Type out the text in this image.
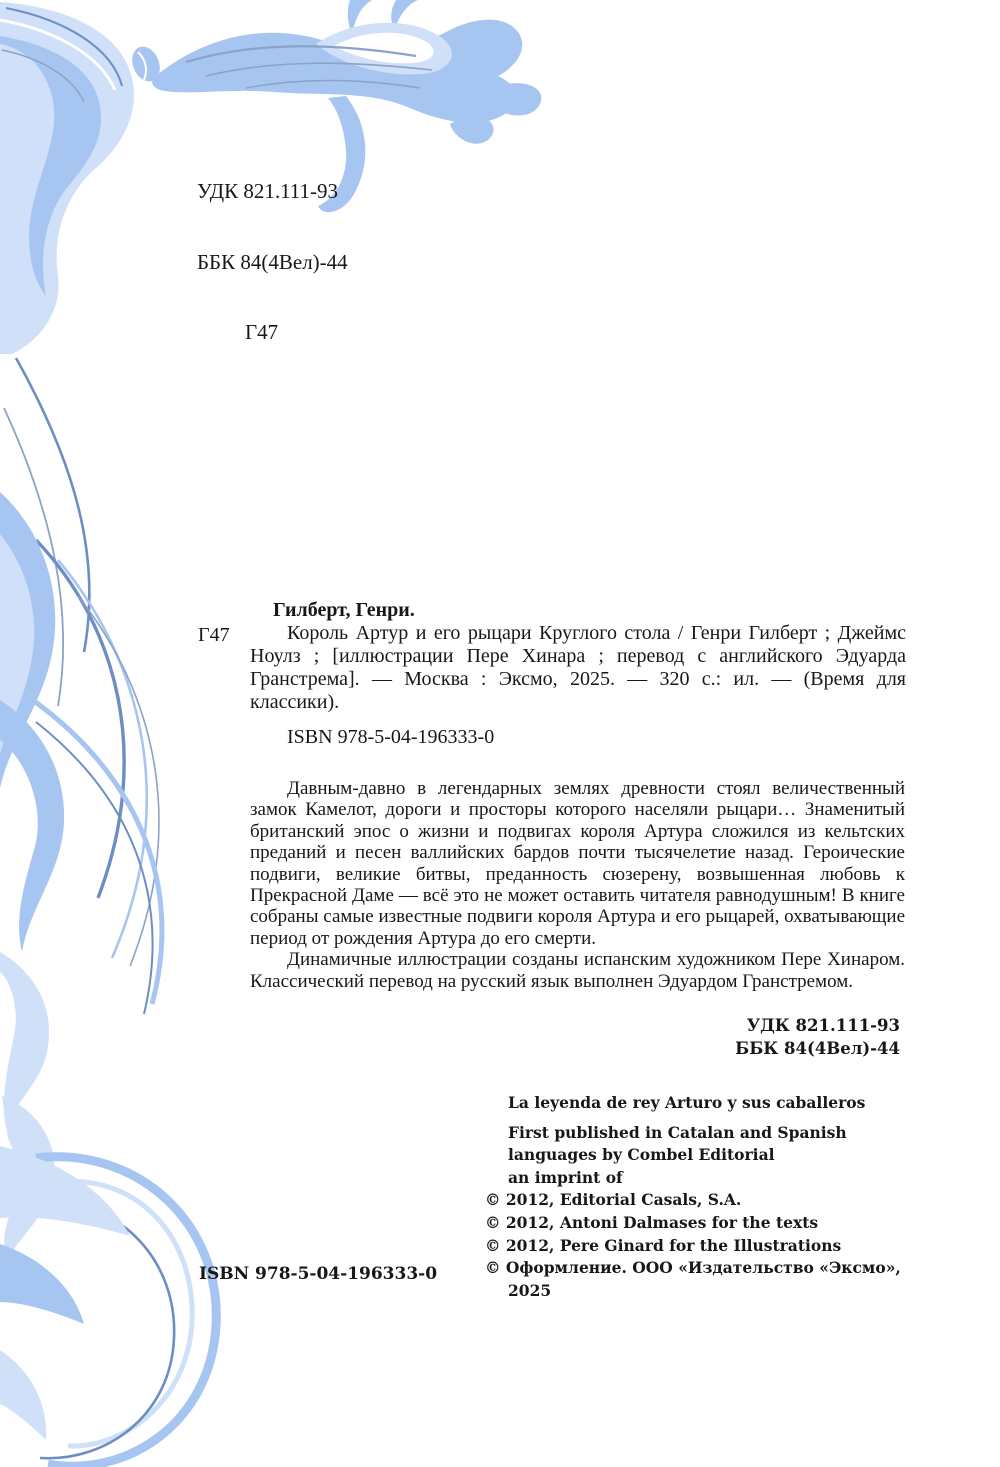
УДК 821.111-93

ББК 84(4Вел)-44

Г47

Гилберт, Генри.

Г47	Король Артур и его рыцари Круглого стола / Генри Гилберт ; Джеймс Ноулз ; [иллюстрации Пере Хинара ; перевод с английского Эдуарда Гранстрема]. — Москва : Эксмо, 2025. — 320 с.: ил. — (Время для классики).

ISBN 978-5-04-196333-0

Давным-давно в легендарных землях древности стоял величественный замок Камелот, дороги и просторы которого населяли рыцари… Знаменитый британский эпос о жизни и подвигах короля Артура сложился из кельтских преданий и песен валлийских бардов почти тысячелетие назад. Героические подвиги, великие битвы, преданность сюзерену, возвышенная любовь к Прекрасной Даме — всё это не может оставить читателя равнодушным! В книге собраны самые известные подвиги короля Артура и его рыцарей, охватывающие период от рождения Артура до его смерти.

Динамичные иллюстрации созданы испанским художником Пере Хинаром. Классический перевод на русский язык выполнен Эдуардом Гранстремом.

УДК 821.111-93
ББК 84(4Вел)-44

La leyenda de rey Arturo y sus caballeros

First published in Catalan and Spanish

languages by Combel Editorial

an imprint of

© 2012, Editorial Casals, S.A.

© 2012, Antoni Dalmases for the texts

© 2012, Pere Ginard for the Illustrations

© Оформление. ООО «Издательство «Эксмо», 2025

ISBN 978-5-04-196333-0
